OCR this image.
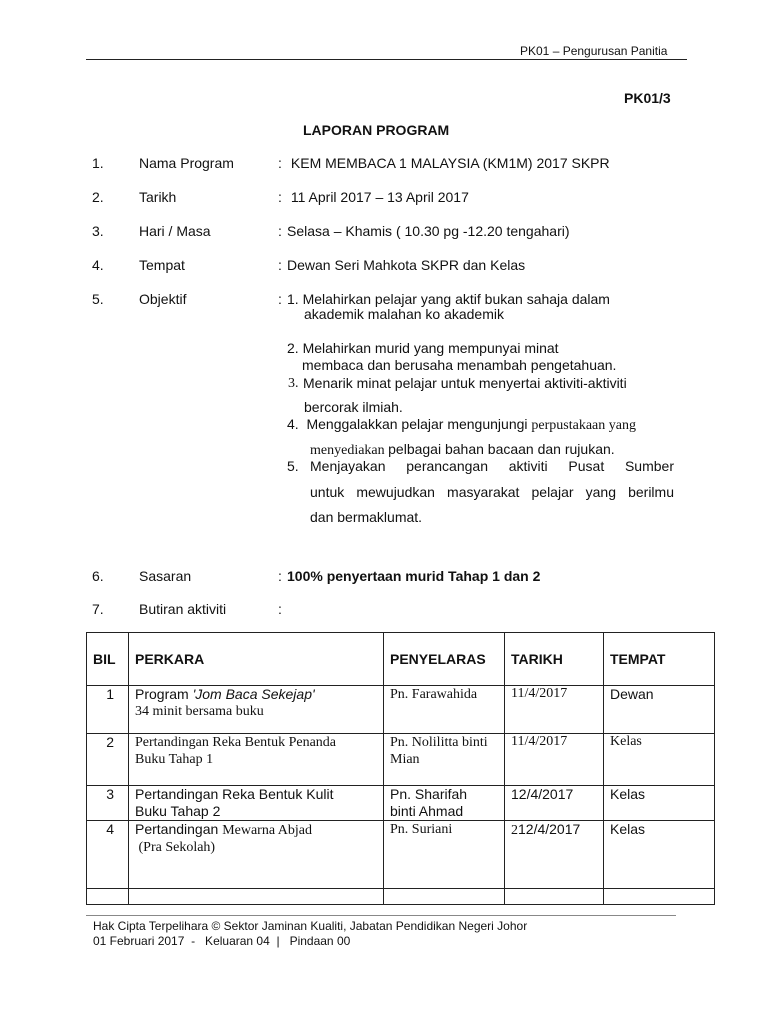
PK01 – Pengurusan Panitia
PK01/3
LAPORAN PROGRAM
1.	Nama Program	: KEM MEMBACA 1 MALAYSIA (KM1M) 2017 SKPR
2.	Tarikh	: 11 April 2017 – 13 April 2017
3.	Hari / Masa	: Selasa – Khamis ( 10.30 pg -12.20 tengahari)
4.	Tempat	: Dewan Seri Mahkota SKPR dan Kelas
5.	Objektif	: 1. Melahirkan pelajar yang aktif bukan sahaja dalam
akademik malahan ko akademik
2. Melahirkan murid yang mempunyai minat
membaca dan berusaha menambah pengetahuan.
3. Menarik minat pelajar untuk menyertai aktiviti-aktiviti
bercorak ilmiah.
4.  Menggalakkan pelajar mengunjungi perpustakaan yang
menyediakan pelbagai bahan bacaan dan rujukan.
5. Menjayakan perancangan aktiviti Pusat Sumber
untuk mewujudkan masyarakat pelajar yang berilmu
dan bermaklumat.
6.	Sasaran	: 100% penyertaan murid Tahap 1 dan 2
7.	Butiran aktiviti	:
BIL	PERKARA	PENYELARAS	TARIKH	TEMPAT
1	Program 'Jom Baca Sekejap'
34 minit bersama buku	Pn. Farawahida	11/4/2017	Dewan
2	Pertandingan Reka Bentuk Penanda
Buku Tahap 1	Pn. Nolilitta binti
Mian	11/4/2017	Kelas
3	Pertandingan Reka Bentuk Kulit
Buku Tahap 2	Pn. Sharifah
binti Ahmad	12/4/2017	Kelas
4	Pertandingan Mewarna Abjad
(Pra Sekolah)	Pn. Suriani	212/4/2017	Kelas

Hak Cipta Terpelihara © Sektor Jaminan Kualiti, Jabatan Pendidikan Negeri Johor
01 Februari 2017  -   Keluaran 04  |   Pindaan 00
